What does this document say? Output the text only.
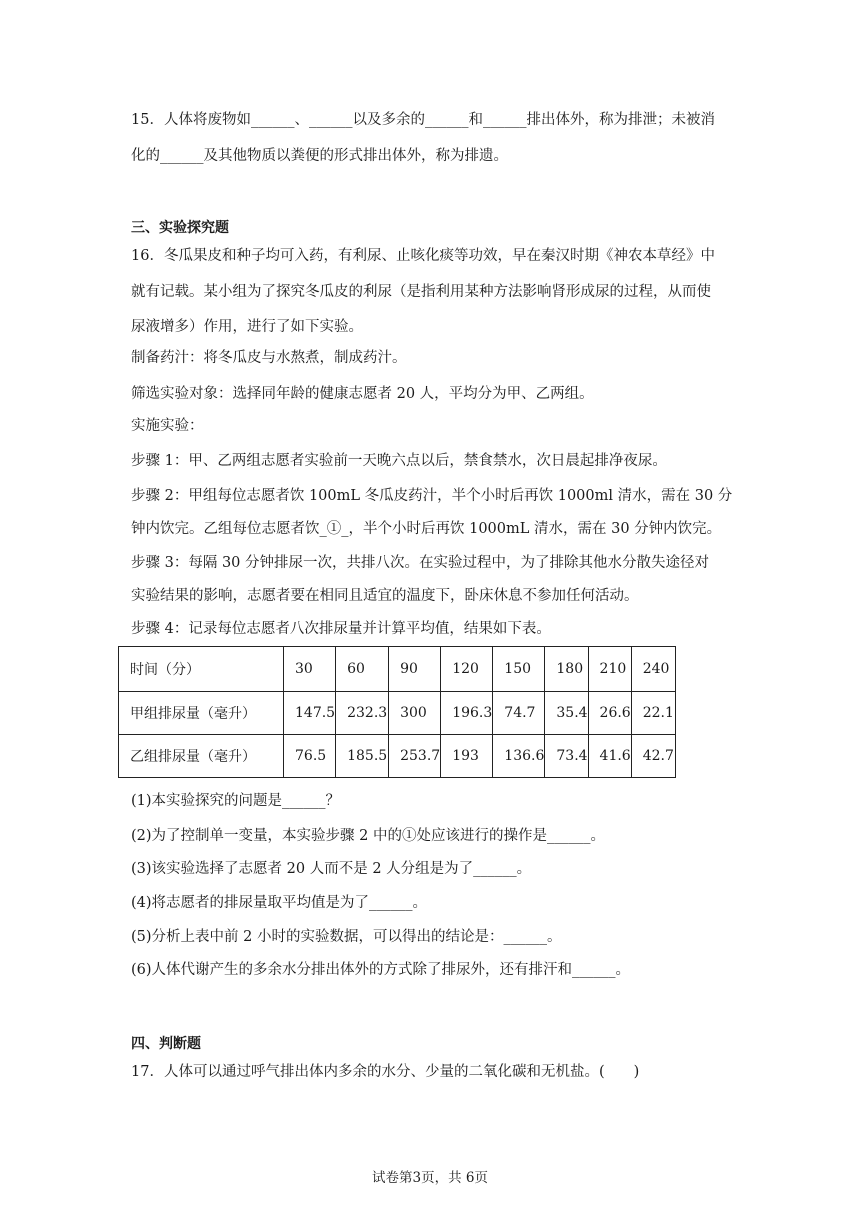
15．人体将废物如______、______以及多余的______和______排出体外，称为排泄；未被消
化的______及其他物质以粪便的形式排出体外，称为排遗。
三、实验探究题
16．冬瓜果皮和种子均可入药，有利尿、止咳化痰等功效，早在秦汉时期《神农本草经》中
就有记载。某小组为了探究冬瓜皮的利尿（是指利用某种方法影响肾形成尿的过程，从而使
尿液增多）作用，进行了如下实验。
制备药汁：将冬瓜皮与水熬煮，制成药汁。
筛选实验对象：选择同年龄的健康志愿者 20 人，平均分为甲、乙两组。
实施实验：
步骤 1：甲、乙两组志愿者实验前一天晚六点以后，禁食禁水，次日晨起排净夜尿。
步骤 2：甲组每位志愿者饮 100mL 冬瓜皮药汁，半个小时后再饮 1000ml 清水，需在 30 分
钟内饮完。乙组每位志愿者饮_①_，半个小时后再饮 1000mL 清水，需在 30 分钟内饮完。
步骤 3：每隔 30 分钟排尿一次，共排八次。在实验过程中，为了排除其他水分散失途径对
实验结果的影响，志愿者要在相同且适宜的温度下，卧床休息不参加任何活动。
步骤 4：记录每位志愿者八次排尿量并计算平均值，结果如下表。
时间（分）	30	60	90	120	150	180	210	240
甲组排尿量（毫升）	147.5	232.3	300	196.3	74.7	35.4	26.6	22.1
乙组排尿量（毫升）	76.5	185.5	253.7	193	136.6	73.4	41.6	42.7
(1)本实验探究的问题是______？
(2)为了控制单一变量，本实验步骤 2 中的①处应该进行的操作是______。
(3)该实验选择了志愿者 20 人而不是 2 人分组是为了______。
(4)将志愿者的排尿量取平均值是为了______。
(5)分析上表中前 2 小时的实验数据，可以得出的结论是：______。
(6)人体代谢产生的多余水分排出体外的方式除了排尿外，还有排汗和______。
四、判断题
17．人体可以通过呼气排出体内多余的水分、少量的二氧化碳和无机盐。(　　)
试卷第3页，共 6页
